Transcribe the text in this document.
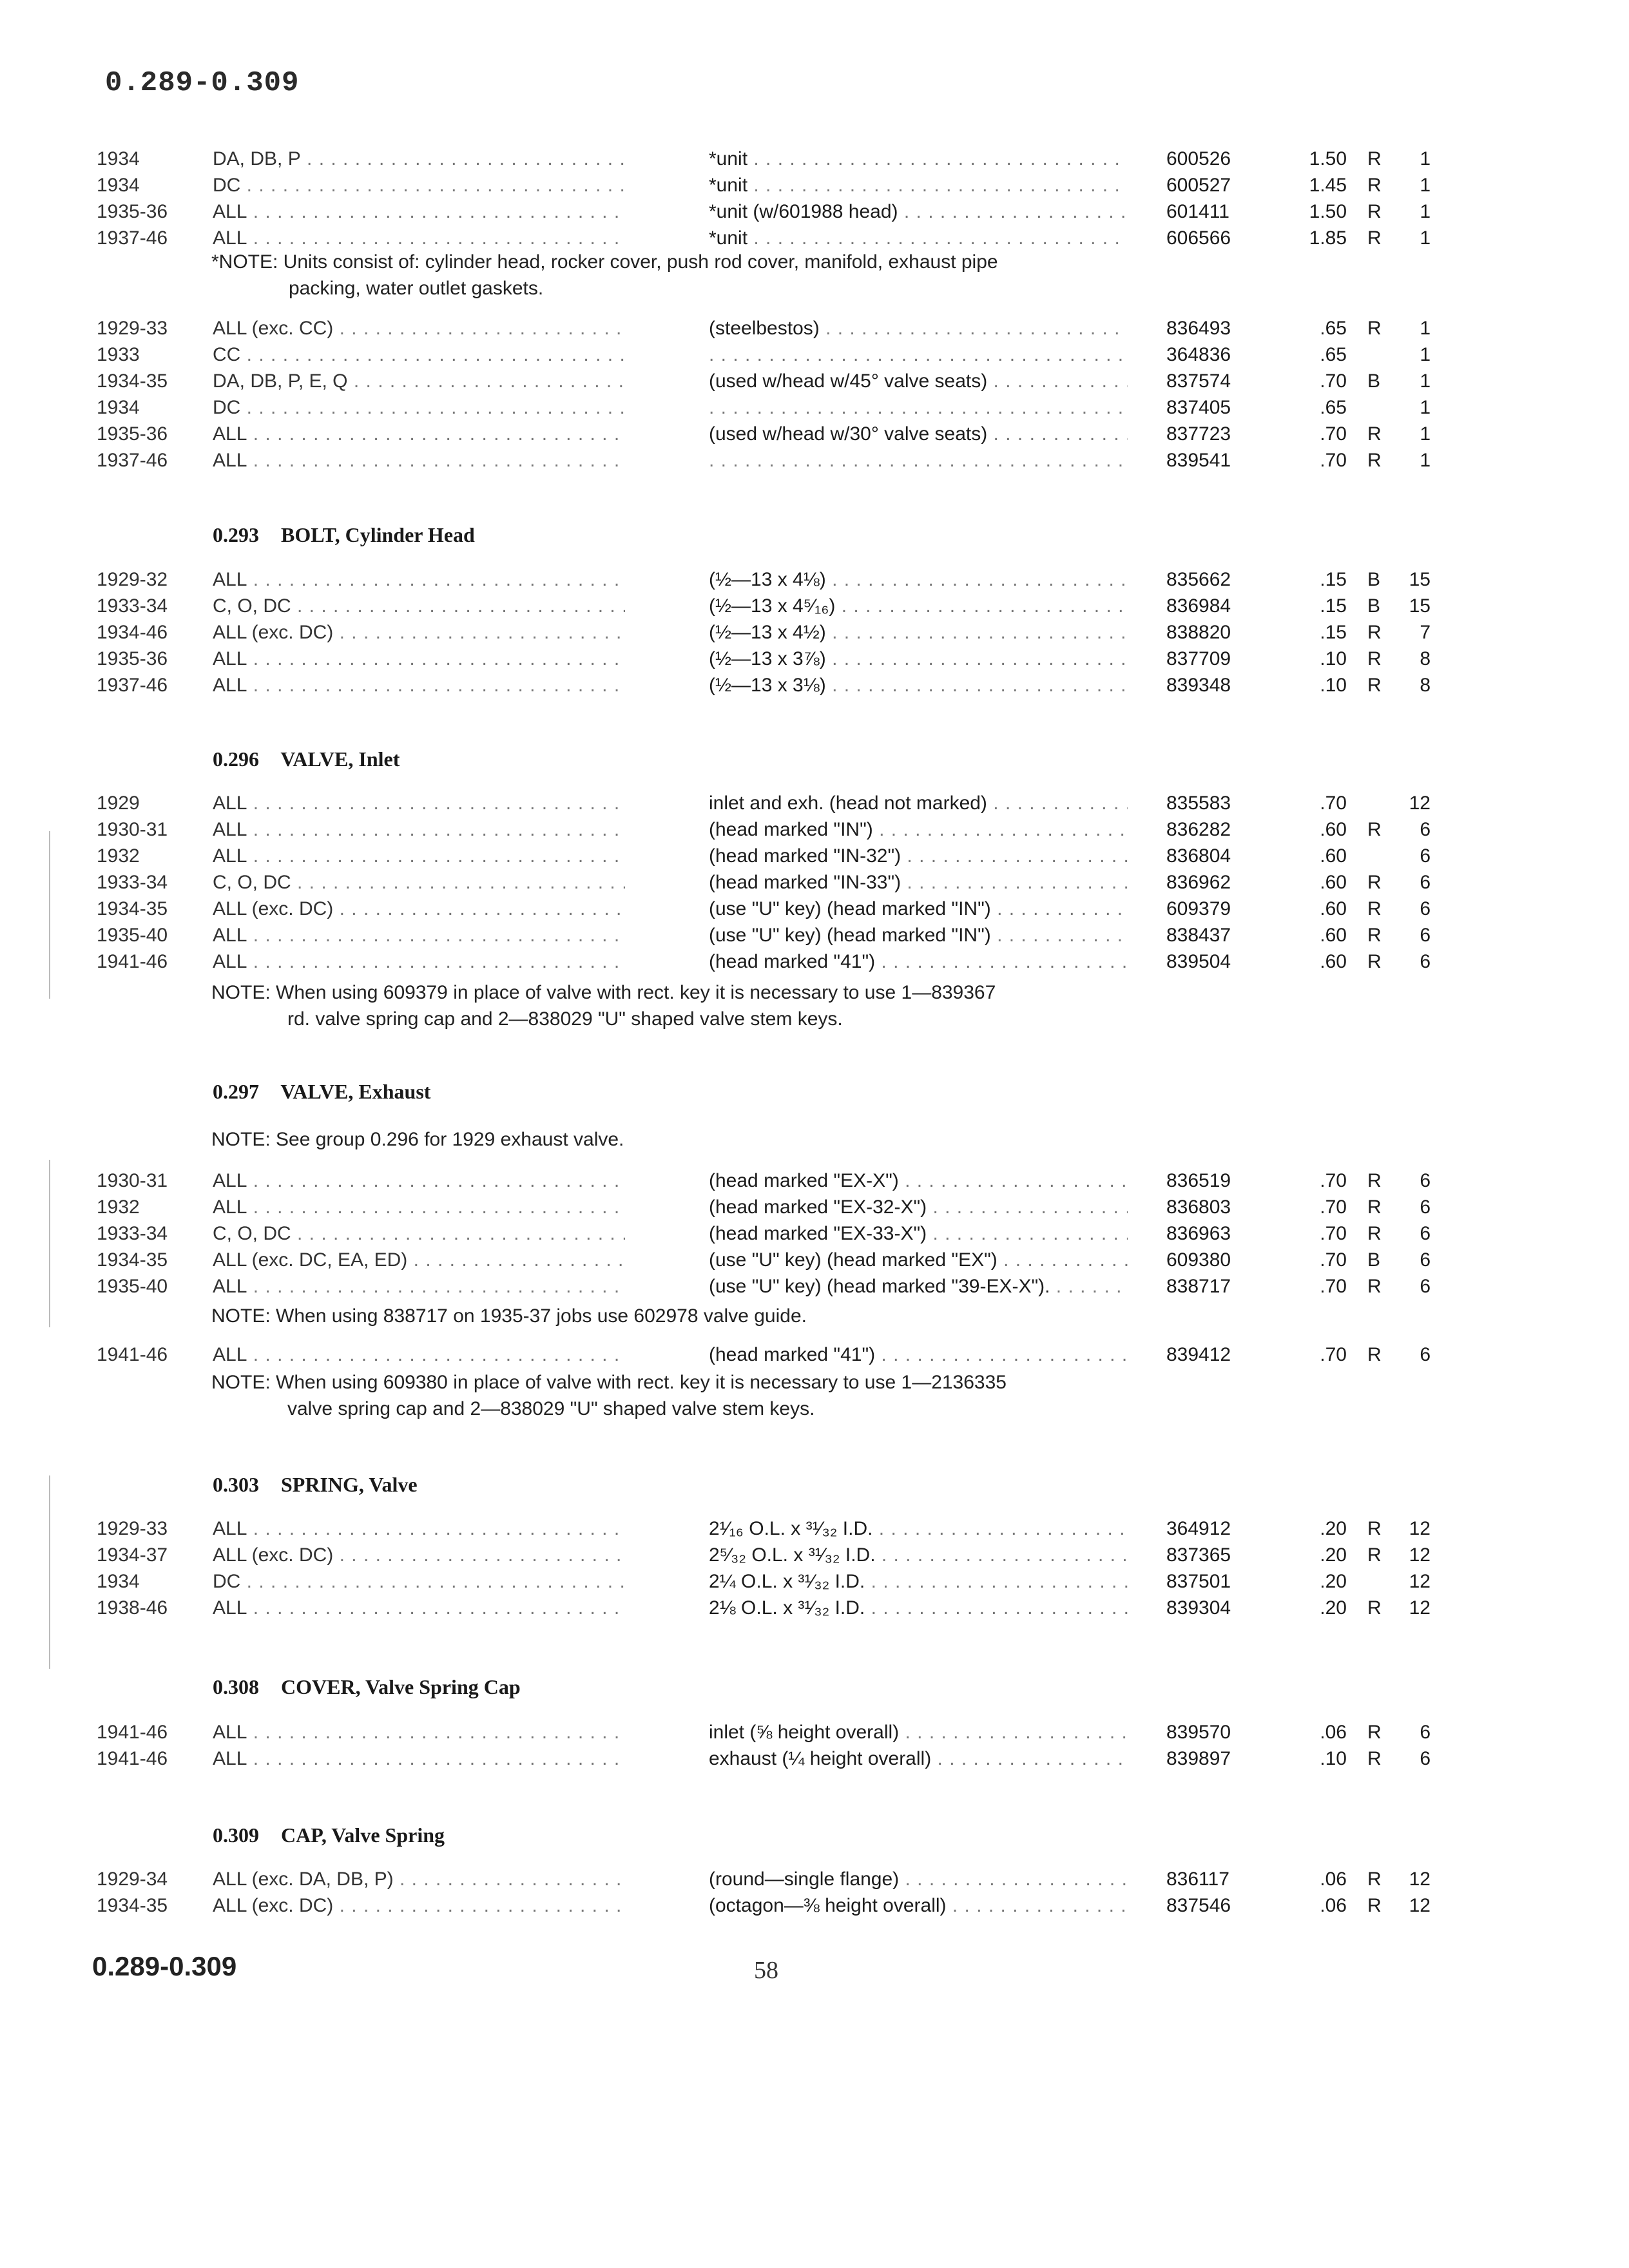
0.289-0.309
1934	DA, DB, P . . .	*unit . . .	600526	1.50 R	1
1934	DC . . .	*unit . . .	600527	1.45 R	1
1935-36	ALL . . .	*unit (w/601988 head) . . .	601411	1.50 R	1
1937-46	ALL . . .	*unit . . .	606566	1.85 R	1
*NOTE: Units consist of: cylinder head, rocker cover, push rod cover, manifold, exhaust pipe
packing, water outlet gaskets.
1929-33	ALL (exc. CC) . . .	(steelbestos) . . .	836493	.65 R	1
1933	CC . . . . . .	364836	.65	1
1934-35	DA, DB, P, E, Q . . .	(used w/head w/45° valve seats) . . .	837574	.70 B	1
1934	DC . . . . . .	837405	.65	1
1935-36	ALL . . .	(used w/head w/30° valve seats) . . .	837723	.70 R	1
1937-46	ALL . . . . . .	839541	.70 R	1
0.293 BOLT, Cylinder Head
1929-32	ALL . . .	(½—13 x 4⅛) . . .	835662	.15 B	15
1933-34	C, O, DC . . .	(½—13 x 4⁵⁄₁₆) . . .	836984	.15 B	15
1934-46	ALL (exc. DC) . . .	(½—13 x 4½) . . .	838820	.15 R	7
1935-36	ALL . . .	(½—13 x 3⅞) . . .	837709	.10 R	8
1937-46	ALL . . .	(½—13 x 3⅛) . . .	839348	.10 R	8
0.296 VALVE, Inlet
1929	ALL . . .	inlet and exh. (head not marked) . . .	835583	.70	12
1930-31	ALL . . .	(head marked "IN") . . .	836282	.60 R	6
1932	ALL . . .	(head marked "IN-32") . . .	836804	.60	6
1933-34	C, O, DC . . .	(head marked "IN-33") . . .	836962	.60 R	6
1934-35	ALL (exc. DC) . . .	(use "U" key) (head marked "IN") . . .	609379	.60 R	6
1935-40	ALL . . .	(use "U" key) (head marked "IN") . . .	838437	.60 R	6
1941-46	ALL . . .	(head marked "41") . . .	839504	.60 R	6
NOTE: When using 609379 in place of valve with rect. key it is necessary to use 1—839367
rd. valve spring cap and 2—838029 "U" shaped valve stem keys.
0.297 VALVE, Exhaust
NOTE: See group 0.296 for 1929 exhaust valve.
1930-31	ALL . . .	(head marked "EX-X") . . .	836519	.70 R	6
1932	ALL . . .	(head marked "EX-32-X") . . .	836803	.70 R	6
1933-34	C, O, DC . . .	(head marked "EX-33-X") . . .	836963	.70 R	6
1934-35	ALL (exc. DC, EA, ED) . . .	(use "U" key) (head marked "EX") . . .	609380	.70 B	6
1935-40	ALL . . .	(use "U" key) (head marked "39-EX-X"). . . .	838717	.70 R	6
NOTE: When using 838717 on 1935-37 jobs use 602978 valve guide.
1941-46	ALL . . .	(head marked "41") . . .	839412	.70 R	6
NOTE: When using 609380 in place of valve with rect. key it is necessary to use 1—2136335
valve spring cap and 2—838029 "U" shaped valve stem keys.
0.303 SPRING, Valve
1929-33	ALL . . .	2¹⁄₁₆ O.L. x ³¹⁄₃₂ I.D. . . .	364912	.20 R	12
1934-37	ALL (exc. DC) . . .	2⁵⁄₃₂ O.L. x ³¹⁄₃₂ I.D. . . .	837365	.20 R	12
1934	DC . . .	2¼ O.L. x ³¹⁄₃₂ I.D. . . .	837501	.20	12
1938-46	ALL . . .	2⅛ O.L. x ³¹⁄₃₂ I.D. . . .	839304	.20 R	12
0.308 COVER, Valve Spring Cap
1941-46	ALL . . .	inlet (⅝ height overall) . . .	839570	.06 R	6
1941-46	ALL . . .	exhaust (¼ height overall) . . .	839897	.10 R	6
0.309 CAP, Valve Spring
1929-34	ALL (exc. DA, DB, P) . . .	(round—single flange) . . .	836117	.06 R	12
1934-35	ALL (exc. DC) . . .	(octagon—⅜ height overall) . . .	837546	.06 R	12
0.289-0.309	58
